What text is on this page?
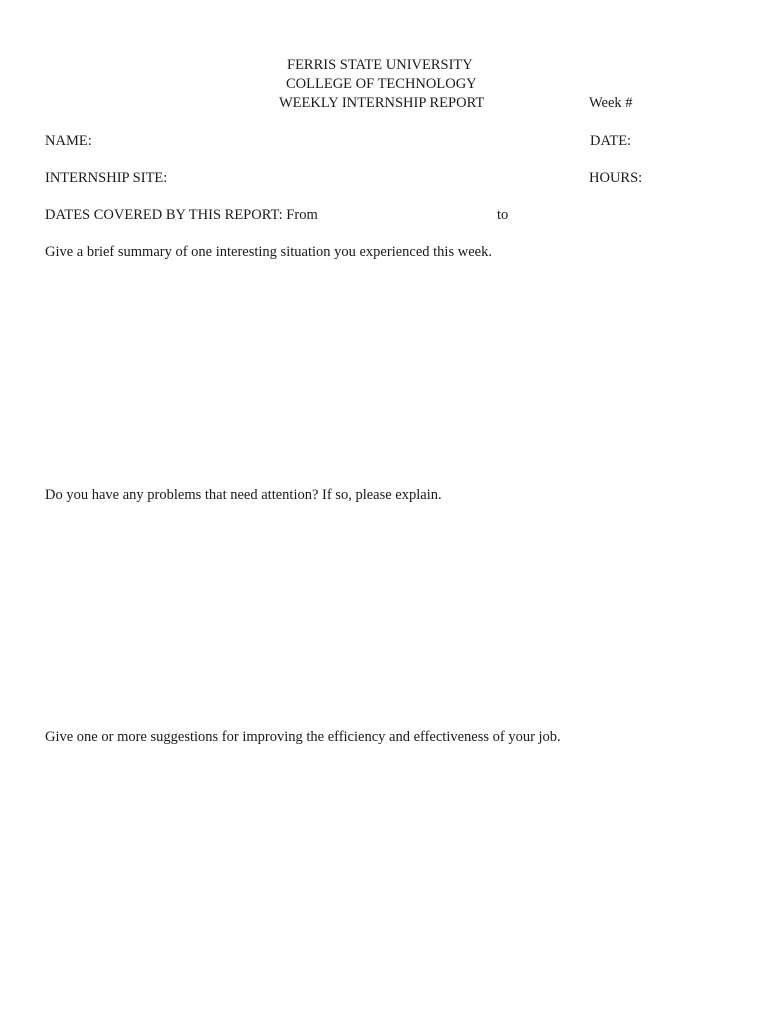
FERRIS STATE UNIVERSITY
COLLEGE OF TECHNOLOGY
WEEKLY INTERNSHIP REPORT	Week #
NAME:	DATE:
INTERNSHIP SITE:	HOURS:
DATES COVERED BY THIS REPORT: From	to
Give a brief summary of one interesting situation you experienced this week.
Do you have any problems that need attention? If so, please explain.
Give one or more suggestions for improving the efficiency and effectiveness of your job.
